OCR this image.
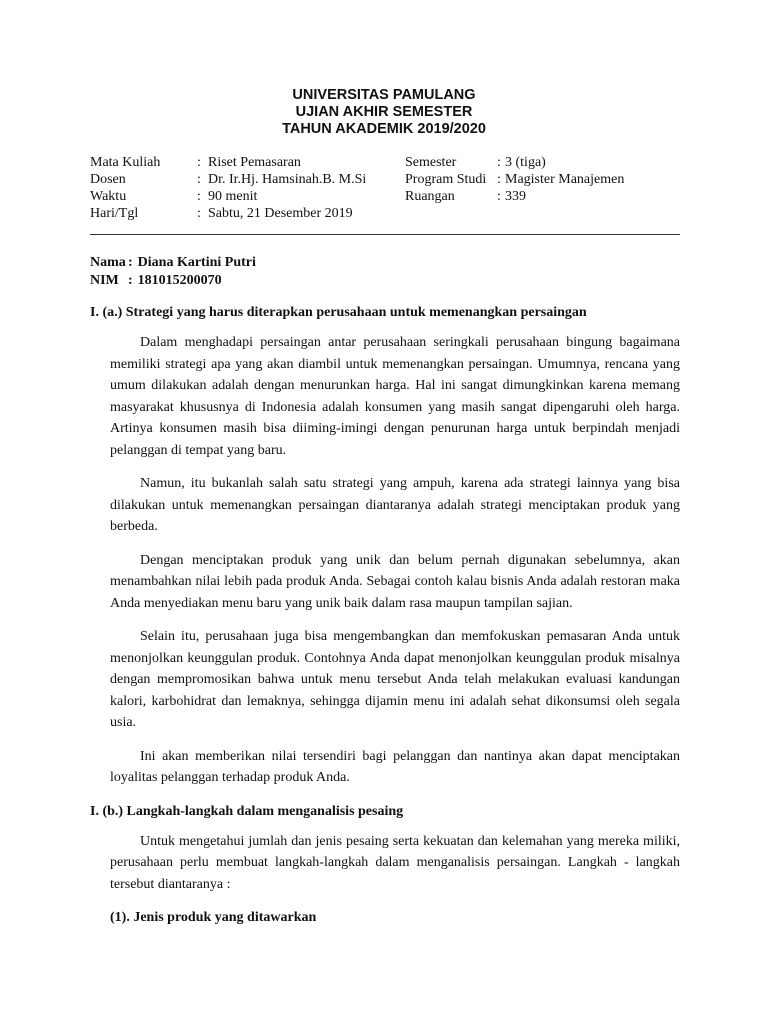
UNIVERSITAS PAMULANG
UJIAN AKHIR SEMESTER
TAHUN AKADEMIK 2019/2020
Mata Kuliah	: Riset Pemasaran
Dosen	: Dr. Ir.Hj. Hamsinah.B. M.Si
Waktu	: 90 menit
Hari/Tgl	: Sabtu, 21 Desember 2019
Semester	: 3 (tiga)
Program Studi : Magister Manajemen
Ruangan	: 339
Nama : Diana Kartini Putri
NIM : 181015200070
I. (a.) Strategi yang harus diterapkan perusahaan untuk memenangkan persaingan

Dalam menghadapi persaingan antar perusahaan seringkali perusahaan bingung bagaimana memiliki strategi apa yang akan diambil untuk memenangkan persaingan. Umumnya, rencana yang umum dilakukan adalah dengan menurunkan harga. Hal ini sangat dimungkinkan karena memang masyarakat khususnya di Indonesia adalah konsumen yang masih sangat dipengaruhi oleh harga. Artinya konsumen masih bisa diiming-imingi dengan penurunan harga untuk berpindah menjadi pelanggan di tempat yang baru.

Namun, itu bukanlah salah satu strategi yang ampuh, karena ada strategi lainnya yang bisa dilakukan untuk memenangkan persaingan diantaranya adalah strategi menciptakan produk yang berbeda.

Dengan menciptakan produk yang unik dan belum pernah digunakan sebelumnya, akan menambahkan nilai lebih pada produk Anda. Sebagai contoh kalau bisnis Anda adalah restoran maka Anda menyediakan menu baru yang unik baik dalam rasa maupun tampilan sajian.

Selain itu, perusahaan juga bisa mengembangkan dan memfokuskan pemasaran Anda untuk menonjolkan keunggulan produk. Contohnya Anda dapat menonjolkan keunggulan produk misalnya dengan mempromosikan bahwa untuk menu tersebut Anda telah melakukan evaluasi kandungan kalori, karbohidrat dan lemaknya, sehingga dijamin menu ini adalah sehat dikonsumsi oleh segala usia.

Ini akan memberikan nilai tersendiri bagi pelanggan dan nantinya akan dapat menciptakan loyalitas pelanggan terhadap produk Anda.

I. (b.) Langkah-langkah dalam menganalisis pesaing

Untuk mengetahui jumlah dan jenis pesaing serta kekuatan dan kelemahan yang mereka miliki, perusahaan perlu membuat langkah-langkah dalam menganalisis persaingan. Langkah - langkah tersebut diantaranya :

(1). Jenis produk yang ditawarkan
